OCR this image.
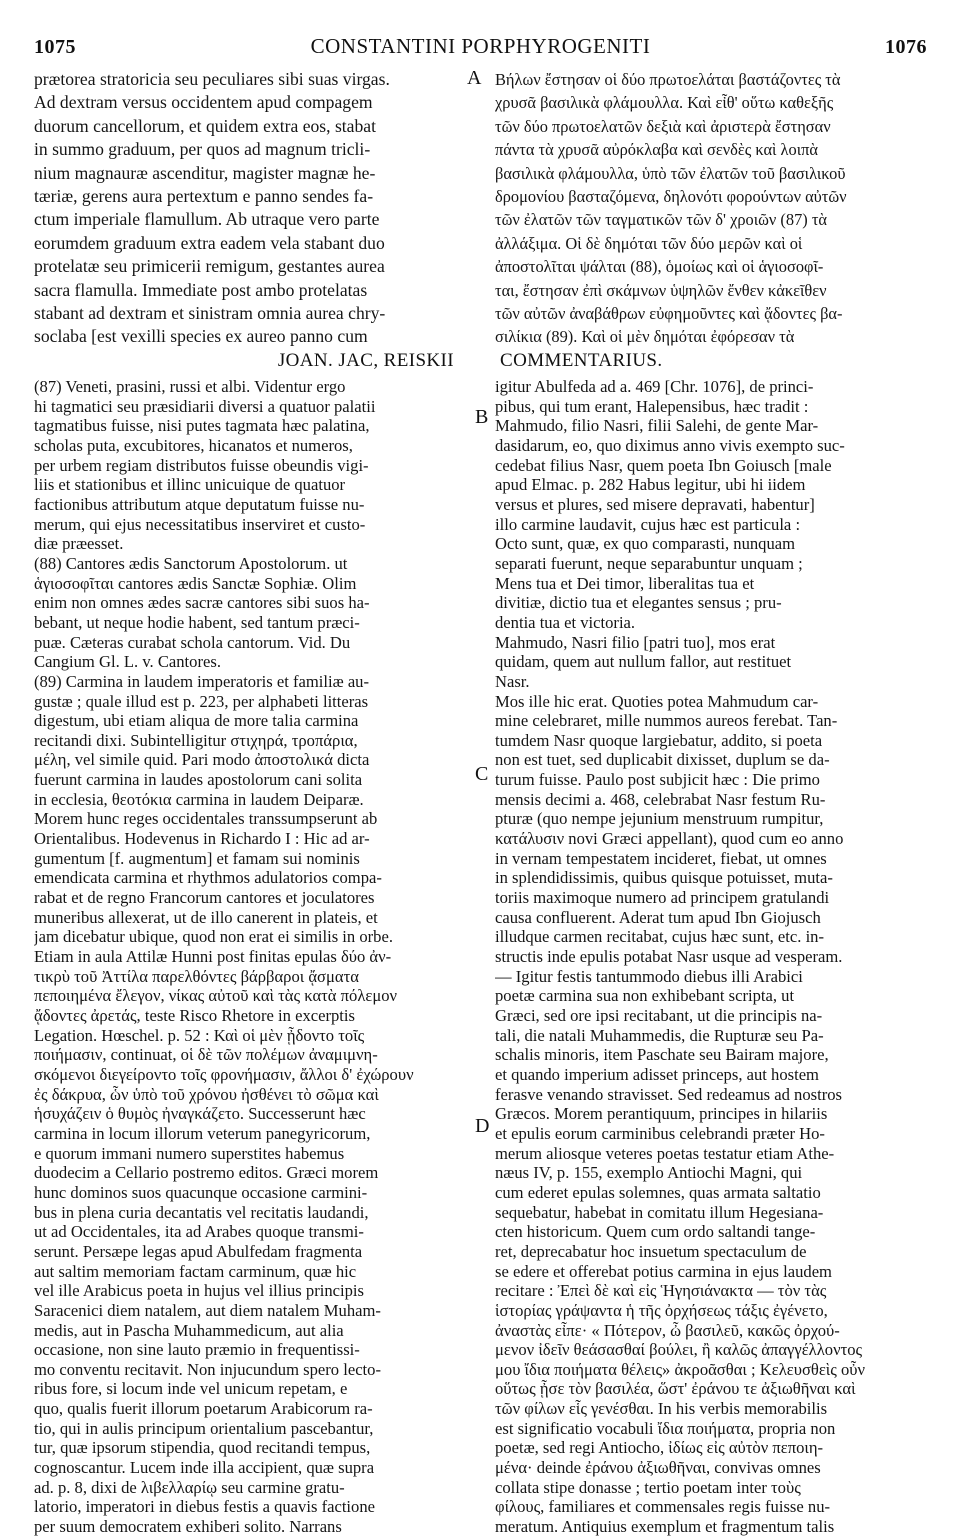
1075	CONSTANTINI PORPHYROGENITI	1076

prætorea stratoricia seu peculiares sibi suas virgas.

Ad dextram versus occidentem apud compagem

duorum cancellorum, et quidem extra eos, stabat

in summo graduum, per quos ad magnum tricli-

nium magnauræ ascenditur, magister magnæ he-

tæriæ, gerens aura pertextum e panno sendes fa-

ctum imperiale flamullum. Ab utraque vero parte

eorumdem graduum extra eadem vela stabant duo

protelatæ seu primicerii remigum, gestantes aurea

sacra flamulla. Immediate post ambo protelatas

stabant ad dextram et sinistram omnia aurea chry-

soclaba [est vexilli species ex aureo panno cum

Βήλων ἔστησαν οἱ δύο πρωτοελάται βαστάζοντες τὰ

χρυσᾶ βασιλικὰ φλάμουλλα. Καὶ εἶθ' οὕτω καθεξῆς

τῶν δύο πρωτοελατῶν δεξιὰ καὶ ἀριστερὰ ἔστησαν

πάντα τὰ χρυσᾶ αὐρόκλαβα καὶ σενδὲς καὶ λοιπὰ

βασιλικὰ φλάμουλλα, ὑπὸ τῶν ἐλατῶν τοῦ βασιλικοῦ

δρομονίου βασταζόμενα, δηλονότι φορούντων αὐτῶν

τῶν ἐλατῶν τῶν ταγματικῶν τῶν δ' χροιῶν (87) τὰ

ἀλλάξιμα. Οἱ δὲ δημόται τῶν δύο μερῶν καὶ οἱ

ἀποστολῖται ψάλται (88), ὁμοίως καὶ οἱ ἁγιοσοφῖ-

ται, ἔστησαν ἐπὶ σκάμνων ὑψηλῶν ἔνθεν κἀκεῖθεν

τῶν αὐτῶν ἀναβάθρων εὐφημοῦντες καὶ ᾄδοντες βα-

σιλίκια (89). Καὶ οἱ μὲν δημόται ἐφόρεσαν τὰ

A
B
C
D
JOAN. JAC, REISKII COMMENTARIUS.

(87) Veneti, prasini, russi et albi. Videntur ergo

hi tagmatici seu præsidiarii diversi a quatuor palatii

tagmatibus fuisse, nisi putes tagmata hæc palatina,

scholas puta, excubitores, hicanatos et numeros,

per urbem regiam distributos fuisse obeundis vigi-

liis et stationibus et illinc unicuique de quatuor

factionibus attributum atque deputatum fuisse nu-

merum, qui ejus necessitatibus inserviret et custo-

diæ præesset.

(88) Cantores ædis Sanctorum Apostolorum. ut

ἁγιοσοφῖται cantores ædis Sanctæ Sophiæ. Olim

enim non omnes ædes sacræ cantores sibi suos ha-

bebant, ut neque hodie habent, sed tantum præci-

puæ. Cæteras curabat schola cantorum. Vid. Du

Cangium Gl. L. v. Cantores.

(89) Carmina in laudem imperatoris et familiæ au-

gustæ ; quale illud est p. 223, per alphabeti litteras

digestum, ubi etiam aliqua de more talia carmina

recitandi dixi. Subintelligitur στιχηρά, τροπάρια,

μέλη, vel simile quid. Pari modo ἀποστολικά dicta

fuerunt carmina in laudes apostolorum cani solita

in ecclesia, θεοτόκια carmina in laudem Deiparæ.

Morem hunc reges occidentales transsumpserunt ab

Orientalibus. Hodevenus in Richardo I : Hic ad ar-

gumentum [f. augmentum] et famam sui nominis

emendicata carmina et rhythmos adulatorios compa-

rabat et de regno Francorum cantores et joculatores

muneribus allexerat, ut de illo canerent in plateis, et

jam dicebatur ubique, quod non erat ei similis in orbe.

Etiam in aula Attilæ Hunni post finitas epulas δύο ἀν-

τικρὺ τοῦ Ἀττίλα παρελθόντες βάρβαροι ᾄσματα

πεποιημένα ἔλεγον, νίκας αὐτοῦ καὶ τὰς κατὰ πόλεμον

ᾄδοντες ἀρετάς, teste Risco Rhetore in excerptis

Legation. Hœschel. p. 52 : Καὶ οἱ μὲν ᾖδοντο τοῖς

ποιήμασιν, continuat, οἱ δὲ τῶν πολέμων ἀναμιμνη-

σκόμενοι διεγείροντο τοῖς φρονήμασιν, ἄλλοι δ' ἐχώρουν

ἐς δάκρυα, ὧν ὑπὸ τοῦ χρόνου ἠσθένει τὸ σῶμα καὶ

ἡσυχάζειν ὁ θυμὸς ἠναγκάζετο. Successerunt hæc

carmina in locum illorum veterum panegyricorum,

e quorum immani numero superstites habemus

duodecim a Cellario postremo editos. Græci morem

hunc dominos suos quacunque occasione carmini-

bus in plena curia decantatis vel recitatis laudandi,

ut ad Occidentales, ita ad Arabes quoque transmi-

serunt. Persæpe legas apud Abulfedam fragmenta

aut saltim memoriam factam carminum, quæ hic

vel ille Arabicus poeta in hujus vel illius principis

Saracenici diem natalem, aut diem natalem Muham-

medis, aut in Pascha Muhammedicum, aut alia

occasione, non sine lauto præmio in frequentissi-

mo conventu recitavit. Non injucundum spero lecto-

ribus fore, si locum inde vel unicum repetam, e

quo, qualis fuerit illorum poetarum Arabicorum ra-

tio, qui in aulis principum orientalium pascebantur,

tur, quæ ipsorum stipendia, quod recitandi tempus,

cognoscantur. Lucem inde illa accipient, quæ supra

ad. p. 8, dixi de λιβελλαρίῳ seu carmine gratu-

latorio, imperatori in diebus festis a quavis factione

per suum democratem exhiberi solito. Narrans

igitur Abulfeda ad a. 469 [Chr. 1076], de princi-

pibus, qui tum erant, Halepensibus, hæc tradit :

Mahmudo, filio Nasri, filii Salehi, de gente Mar-

dasidarum, eo, quo diximus anno vivis exempto suc-

cedebat filius Nasr, quem poeta Ibn Goiusch [male

apud Elmac. p. 282 Habus legitur, ubi hi iidem

versus et plures, sed misere depravati, habentur]

illo carmine laudavit, cujus hæc est particula :

Octo sunt, quæ, ex quo comparasti, nunquam

separati fuerunt, neque separabuntur unquam ;

Mens tua et Dei timor, liberalitas tua et

divitiæ, dictio tua et elegantes sensus ; pru-

dentia tua et victoria.

Mahmudo, Nasri filio [patri tuo], mos erat

quidam, quem aut nullum fallor, aut restituet

Nasr.

Mos ille hic erat. Quoties potea Mahmudum car-

mine celebraret, mille nummos aureos ferebat. Tan-

tumdem Nasr quoque largiebatur, addito, si poeta

non est tuet, sed duplicabit dixisset, duplum se da-

turum fuisse. Paulo post subjicit hæc : Die primo

mensis decimi a. 468, celebrabat Nasr festum Ru-

pturæ (quo nempe jejunium menstruum rumpitur,

κατάλυσιν novi Græci appellant), quod cum eo anno

in vernam tempestatem incideret, fiebat, ut omnes

in splendidissimis, quibus quisque potuisset, muta-

toriis maximoque numero ad principem gratulandi

causa confluerent. Aderat tum apud Ibn Giojusch

illudque carmen recitabat, cujus hæc sunt, etc. in-

structis inde epulis potabat Nasr usque ad vesperam.

— Igitur festis tantummodo diebus illi Arabici

poetæ carmina sua non exhibebant scripta, ut

Græci, sed ore ipsi recitabant, ut die principis na-

tali, die natali Muhammedis, die Rupturæ seu Pa-

schalis minoris, item Paschate seu Bairam majore,

et quando imperium adisset princeps, aut hostem

ferasve venando stravisset. Sed redeamus ad nostros

Græcos. Morem perantiquum, principes in hilariis

et epulis eorum carminibus celebrandi præter Ho-

merum aliosque veteres poetas testatur etiam Athe-

næus IV, p. 155, exemplo Antiochi Magni, qui

cum ederet epulas solemnes, quas armata saltatio

sequebatur, habebat in comitatu illum Hegesianа-

cten historicum. Quem cum ordo saltandi tange-

ret, deprecabatur hoc insuetum spectaculum de

se edere et offerebat potius carmina in ejus laudem

recitare : Ἐπεὶ δὲ καὶ εἰς Ἡγησιάνακτα — τὸν τὰς

ἱστορίας γράψαντα ἡ τῆς ὀρχήσεως τάξις ἐγένετο,

ἀναστὰς εἶπε· « Πότερον, ὦ βασιλεῦ, κακῶς ὀρχού-

μενον ἰδεῖν θεάσασθαί βούλει, ἢ καλῶς ἀπαγγέλλοντος

μου ἴδια ποιήματα θέλεις» ἀκροᾶσθαι ; Κελευσθεὶς οὖν

οὕτως ᾖσε τὸν βασιλέα, ὥστ' ἐράνου τε ἀξιωθῆναι καὶ

τῶν φίλων εἷς γενέσθαι. In his verbis memorabilis

est significatio vocabuli ἴδια ποιήματα, propria non

poetæ, sed regi Antiocho, ἰδίως εἰς αὐτὸν πεποιη-

μένα· deinde ἐράνου ἀξιωθῆναι, convivas omnes

collata stipe donasse ; tertio poetam inter τοὺς

φίλους, familiares et commensales regis fuisse nu-

meratum. Antiquius exemplum et fragmentum talis
